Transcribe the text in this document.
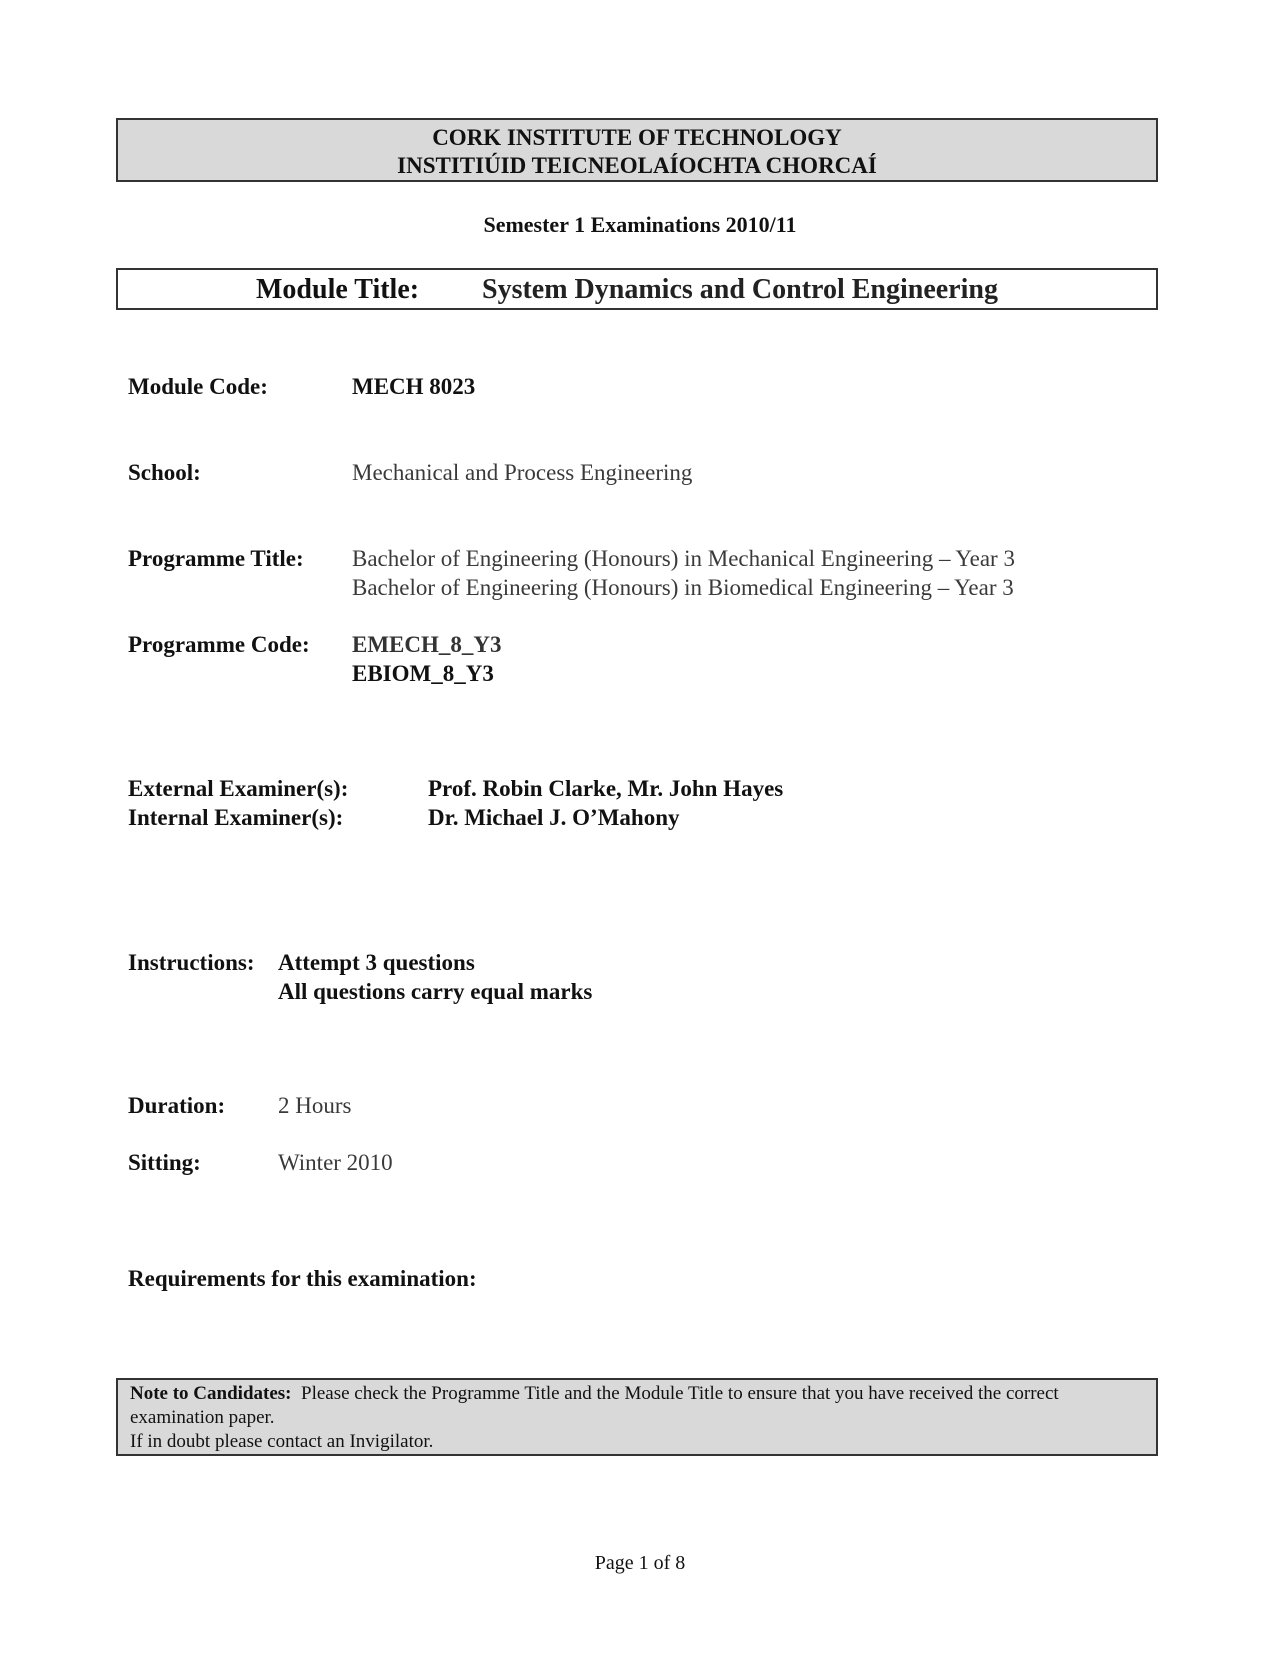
CORK INSTITUTE OF TECHNOLOGY
INSTITIÚID TEICNEOLAÍOCHTA CHORCAÍ
Semester 1 Examinations 2010/11
Module Title: System Dynamics and Control Engineering
Module Code:	MECH 8023
School:	Mechanical and Process Engineering
Programme Title: Bachelor of Engineering (Honours) in Mechanical Engineering – Year 3
Bachelor of Engineering (Honours) in Biomedical Engineering – Year 3
Programme Code: EMECH_8_Y3
EBIOM_8_Y3
External Examiner(s):	Prof. Robin Clarke, Mr. John Hayes
Internal Examiner(s):	Dr. Michael J. O’Mahony
Instructions: Attempt 3 questions
All questions carry equal marks
Duration: 2 Hours
Sitting:	Winter 2010
Requirements for this examination:
Note to Candidates: Please check the Programme Title and the Module Title to ensure that you have received the correct examination paper.
If in doubt please contact an Invigilator.
Page 1 of 8
